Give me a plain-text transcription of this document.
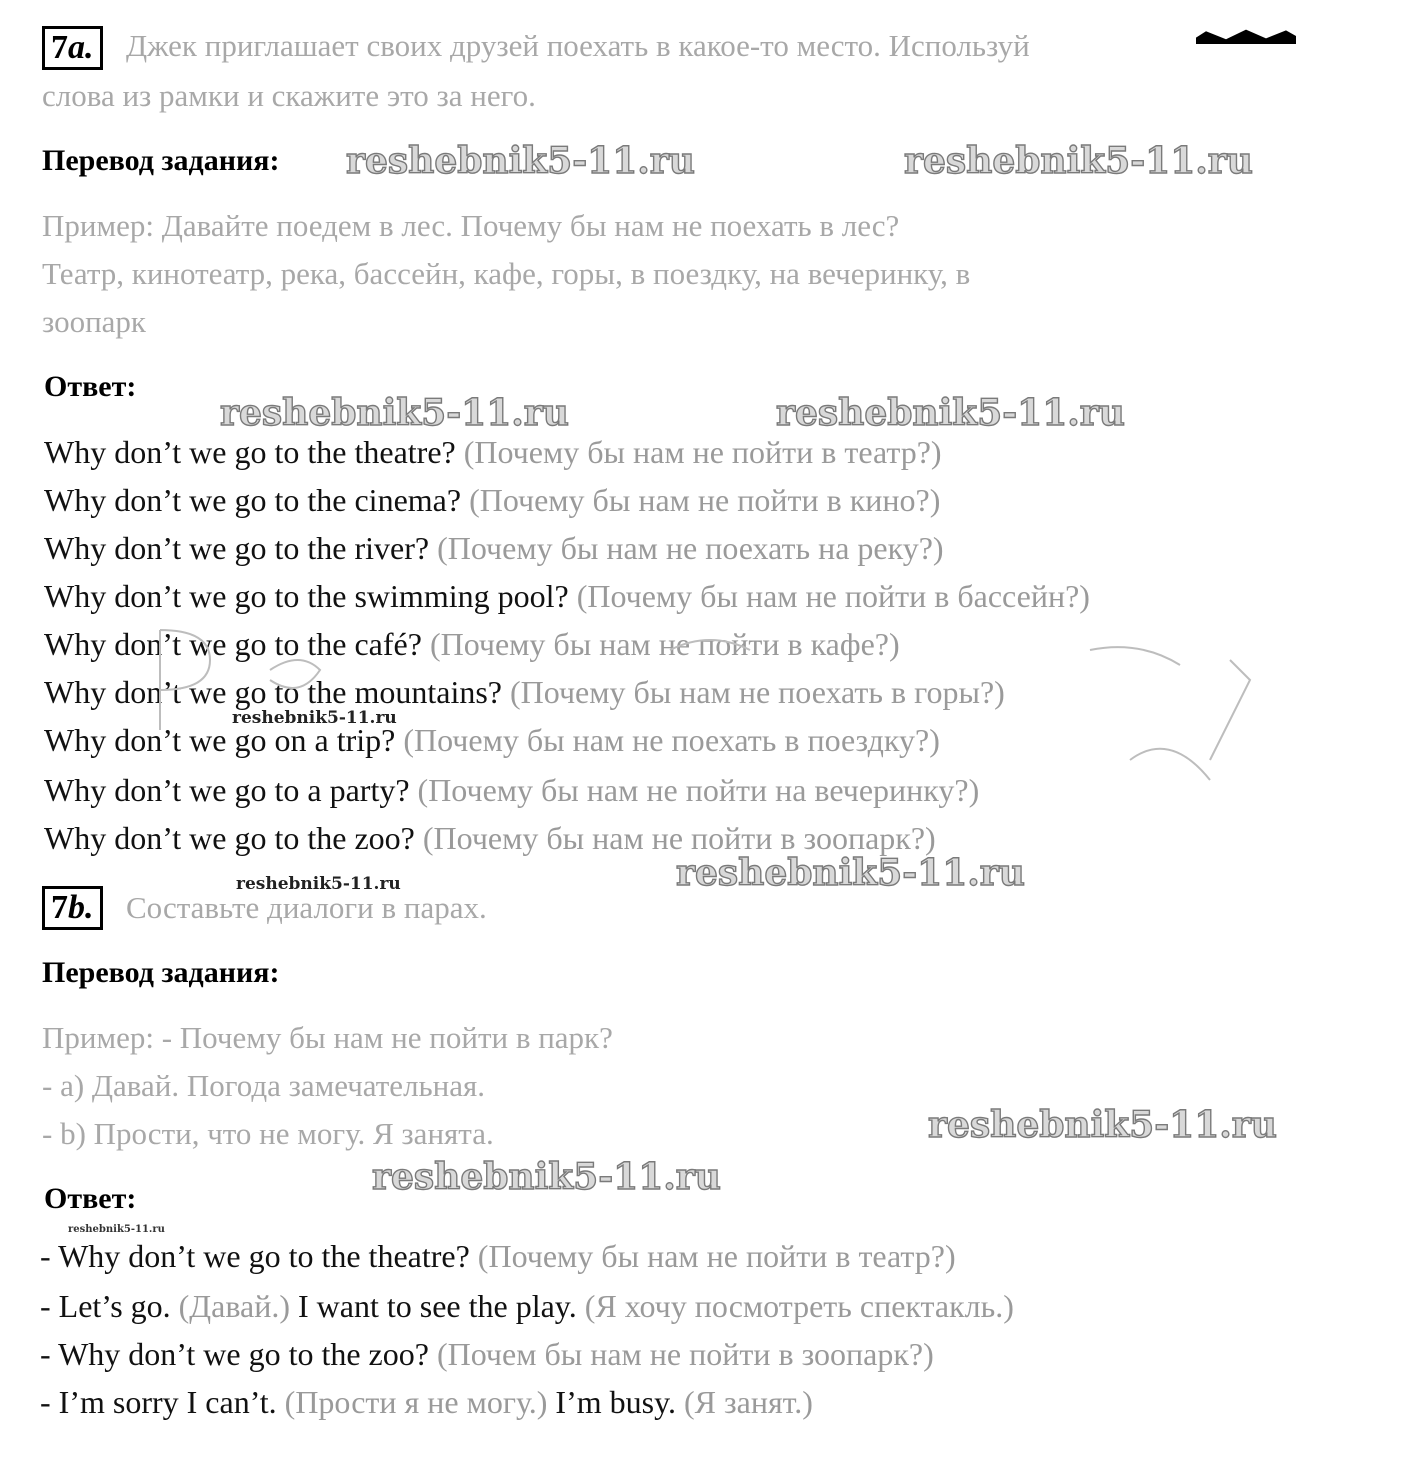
7a. Джек приглашает своих друзей поехать в какое-то место. Используй
слова из рамки и скажите это за него.
Перевод задания:
Пример: Давайте поедем в лес. Почему бы нам не поехать в лес?
Театр, кинотеатр, река, бассейн, кафе, горы, в поездку, на вечеринку, в
зоопарк
Ответ:
Why don’t we go to the theatre? (Почему бы нам не пойти в театр?)
Why don’t we go to the cinema? (Почему бы нам не пойти в кино?)
Why don’t we go to the river? (Почему бы нам не поехать на реку?)
Why don’t we go to the swimming pool? (Почему бы нам не пойти в бассейн?)
Why don’t we go to the café? (Почему бы нам не пойти в кафе?)
Why don’t we go to the mountains? (Почему бы нам не поехать в горы?)
Why don’t we go on a trip? (Почему бы нам не поехать в поездку?)
Why don’t we go to a party? (Почему бы нам не пойти на вечеринку?)
Why don’t we go to the zoo? (Почему бы нам не пойти в зоопарк?)
7b. Составьте диалоги в парах.
Перевод задания:
Пример: - Почему бы нам не пойти в парк?
- a) Давай. Погода замечательная.
- b) Прости, что не могу. Я занята.
Ответ:
- Why don’t we go to the theatre? (Почему бы нам не пойти в театр?)
- Let’s go. (Давай.) I want to see the play. (Я хочу посмотреть спектакль.)
- Why don’t we go to the zoo? (Почем бы нам не пойти в зоопарк?)
- I’m sorry I can’t. (Прости я не могу.) I’m busy. (Я занят.)
reshebnik5-11.ru	reshebnik5-11.ru
reshebnik5-11.ru	reshebnik5-11.ru
reshebnik5-11.ru
reshebnik5-11.ru
reshebnik5-11.ru
reshebnik5-11.ru
reshebnik5-11.ru
reshebnik5-11.ru
